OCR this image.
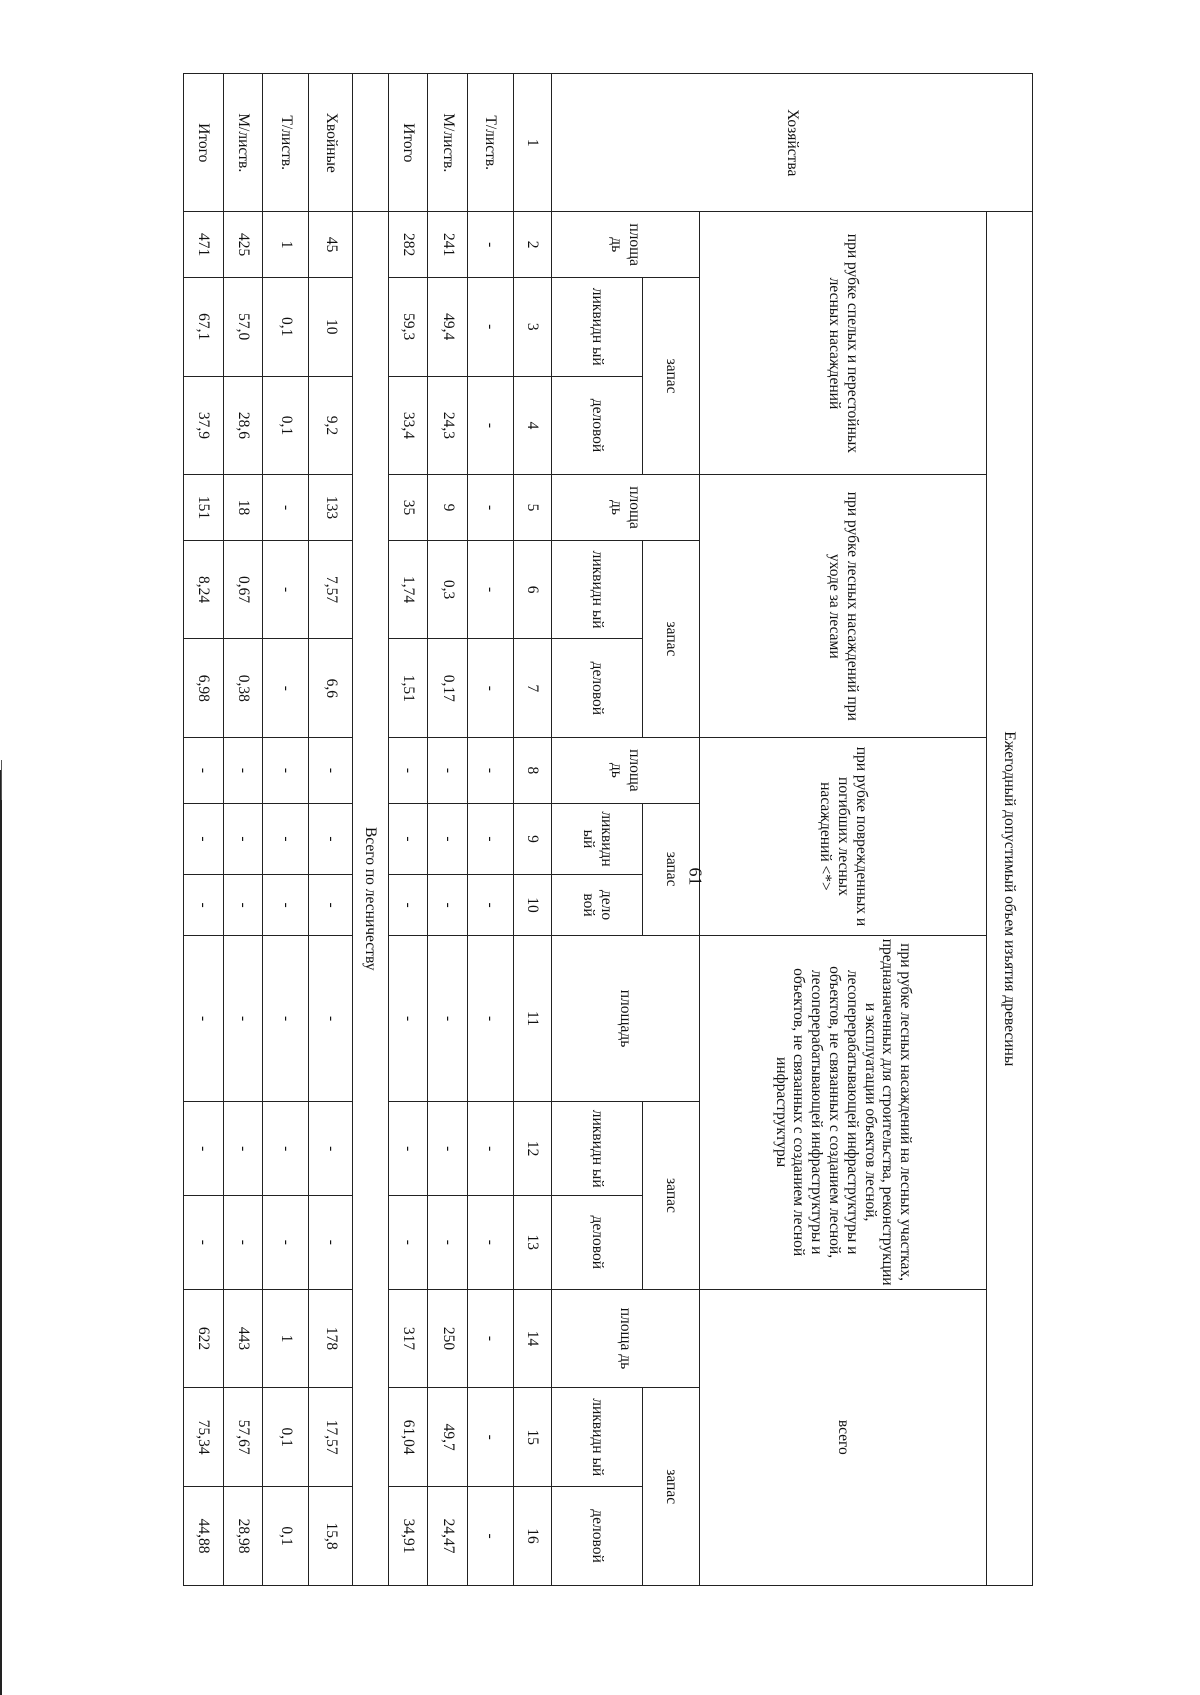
Хозяйства	Ежегодный допустимый объем изъятия древесины														
	при рубке спелых и перестойных лесных насаждений			при рубке лесных насаждений при уходе за лесами			при рубке поврежденных и погибших лесных насаждений <*>			при рубке лесных насаждений на лесных участках, предназначенных для строительства, реконструкции и эксплуатации объектов лесной, лесоперерабатывающей инфраструктуры и объектов, не связанных с созданием лесной, лесоперерабатывающей инфраструктуры и объектов, не связанных с созданием лесной инфраструктуры			всего		
	площа дь	запас		площа дь	запас		площа дь	запас		площадь	запас		площа дь	запас	
		ликвидн ый	деловой		ликвидн ый	деловой		ликвидн ый	дело вой		ликвидн ый	деловой		ликвидн ый	деловой
1	2	3	4	5	6	7	8	9	10	11	12	13	14	15	16
Т/листв.	-	-	-	-	-	-	-	-	-	-	-	-	-	-	-
М/листв.	241	49,4	24,3	9	0,3	0,17	-	-	-	-	-	-	250	49,7	24,47
Итого	282	59,3	33,4	35	1,74	1,51	-	-	-	-	-	-	317	61,04	34,91
	Всего по лесничеству														
Хвойные	45	10	9,2	133	7,57	6,6	-	-	-	-	-	-	178	17,57	15,8
Т/листв.	1	0,1	0,1	-	-	-	-	-	-	-	-	-	1	0,1	0,1
М/листв.	425	57,0	28,6	18	0,67	0,38	-	-	-	-	-	-	443	57,67	28,98
Итого	471	67,1	37,9	151	8,24	6,98	-	-	-	-	-	-	622	75,34	44,88
61
